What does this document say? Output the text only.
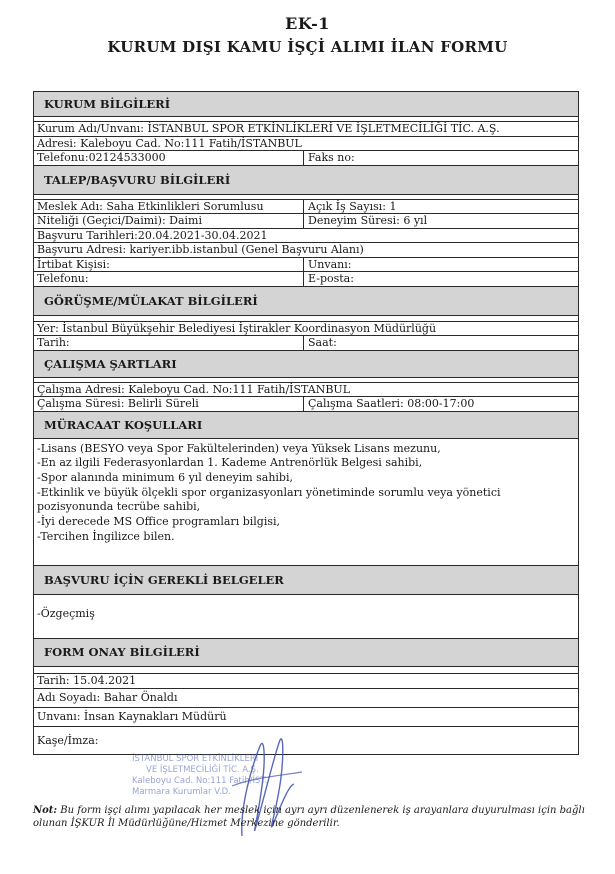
EK-1
KURUM DIŞI KAMU İŞÇİ ALIMI İLAN FORMU
KURUM BİLGİLERİ
Kurum Adı/Unvanı: İSTANBUL SPOR ETKİNLİKLERİ VE İŞLETMECİLİĞİ TİC. A.Ş.
Adresi: Kaleboyu Cad. No:111 Fatih/İSTANBUL
Telefonu:02124533000	Faks no:
TALEP/BAŞVURU BİLGİLERİ
Meslek Adı: Saha Etkinlikleri Sorumlusu	Açık İş Sayısı: 1
Niteliği (Geçici/Daimi): Daimi	Deneyim Süresi: 6 yıl
Başvuru Tarihleri:20.04.2021-30.04.2021
Başvuru Adresi: kariyer.ibb.istanbul (Genel Başvuru Alanı)
İrtibat Kişisi:	Unvanı:
Telefonu:	E-posta:
GÖRÜŞME/MÜLAKAT BİLGİLERİ
Yer: İstanbul Büyükşehir Belediyesi İştirakler Koordinasyon Müdürlüğü
Tarih:	Saat:
ÇALIŞMA ŞARTLARI
Çalışma Adresi: Kaleboyu Cad. No:111 Fatih/İSTANBUL
Çalışma Süresi: Belirli Süreli	Çalışma Saatleri: 08:00-17:00
MÜRACAAT KOŞULLARI
-Lisans (BESYO veya Spor Fakültelerinden) veya Yüksek Lisans mezunu,
-En az ilgili Federasyonlardan 1. Kademe Antrenörlük Belgesi sahibi,
-Spor alanında minimum 6 yıl deneyim sahibi,
-Etkinlik ve büyük ölçekli spor organizasyonları yönetiminde sorumlu veya yönetici
pozisyonunda tecrübe sahibi,
-İyi derecede MS Office programları bilgisi,
-Tercihen İngilizce bilen.
BAŞVURU İÇİN GEREKLİ BELGELER
-Özgeçmiş
FORM ONAY BİLGİLERİ
Tarih: 15.04.2021
Adı Soyadı: Bahar Önaldı
Unvanı: İnsan Kaynakları Müdürü
Kaşe/İmza:
İSTANBUL SPOR ETKİNLİKLERİ
VE İŞLETMECİLİĞİ TİC. A.Ş.
Kaleboyu Cad. No:111 Fatih/İST.
Marmara Kurumlar V.D.
Not: Bu form işçi alımı yapılacak her meslek için ayrı ayrı düzenlenerek iş arayanlara duyurulması için bağlı olunan İŞKUR İl Müdürlüğüne/Hizmet Merkezine gönderilir.
